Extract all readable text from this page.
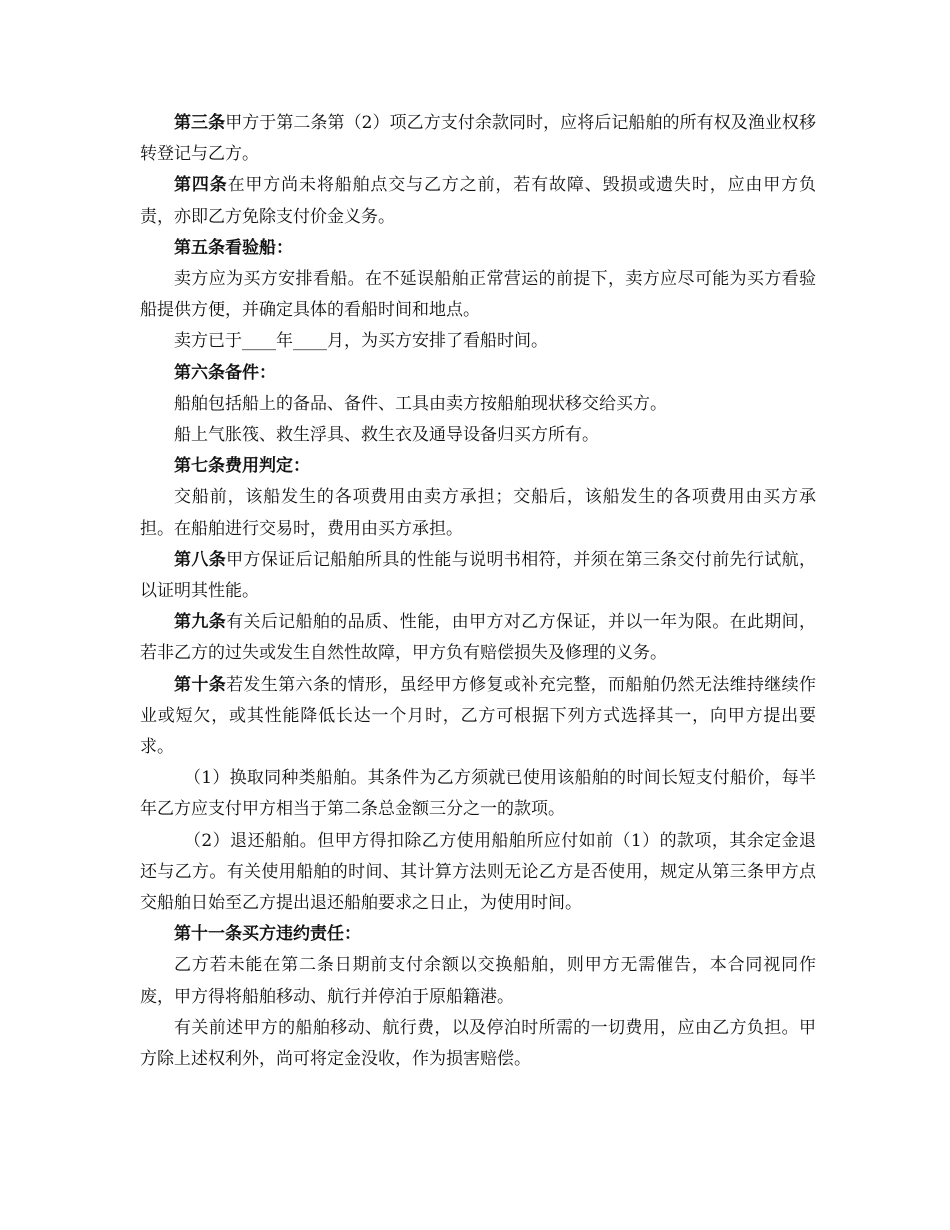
第三条甲方于第二条第（2）项乙方支付余款同时，应将后记船舶的所有权及渔业权移转登记与乙方。

第四条在甲方尚未将船舶点交与乙方之前，若有故障、毁损或遗失时，应由甲方负责，亦即乙方免除支付价金义务。

第五条看验船：

卖方应为买方安排看船。在不延误船舶正常营运的前提下，卖方应尽可能为买方看验船提供方便，并确定具体的看船时间和地点。

卖方已于____年____月，为买方安排了看船时间。

第六条备件：

船舶包括船上的备品、备件、工具由卖方按船舶现状移交给买方。

船上气胀筏、救生浮具、救生衣及通导设备归买方所有。

第七条费用判定：

交船前，该船发生的各项费用由卖方承担；交船后，该船发生的各项费用由买方承担。在船舶进行交易时，费用由买方承担。

第八条甲方保证后记船舶所具的性能与说明书相符，并须在第三条交付前先行试航，以证明其性能。

第九条有关后记船舶的品质、性能，由甲方对乙方保证，并以一年为限。在此期间，若非乙方的过失或发生自然性故障，甲方负有赔偿损失及修理的义务。

第十条若发生第六条的情形，虽经甲方修复或补充完整，而船舶仍然无法维持继续作业或短欠，或其性能降低长达一个月时，乙方可根据下列方式选择其一，向甲方提出要求。

（1）换取同种类船舶。其条件为乙方须就已使用该船舶的时间长短支付船价，每半年乙方应支付甲方相当于第二条总金额三分之一的款项。

（2）退还船舶。但甲方得扣除乙方使用船舶所应付如前（1）的款项，其余定金退还与乙方。有关使用船舶的时间、其计算方法则无论乙方是否使用，规定从第三条甲方点交船舶日始至乙方提出退还船舶要求之日止，为使用时间。

第十一条买方违约责任：

乙方若未能在第二条日期前支付余额以交换船舶，则甲方无需催告，本合同视同作废，甲方得将船舶移动、航行并停泊于原船籍港。

有关前述甲方的船舶移动、航行费，以及停泊时所需的一切费用，应由乙方负担。甲方除上述权利外，尚可将定金没收，作为损害赔偿。
